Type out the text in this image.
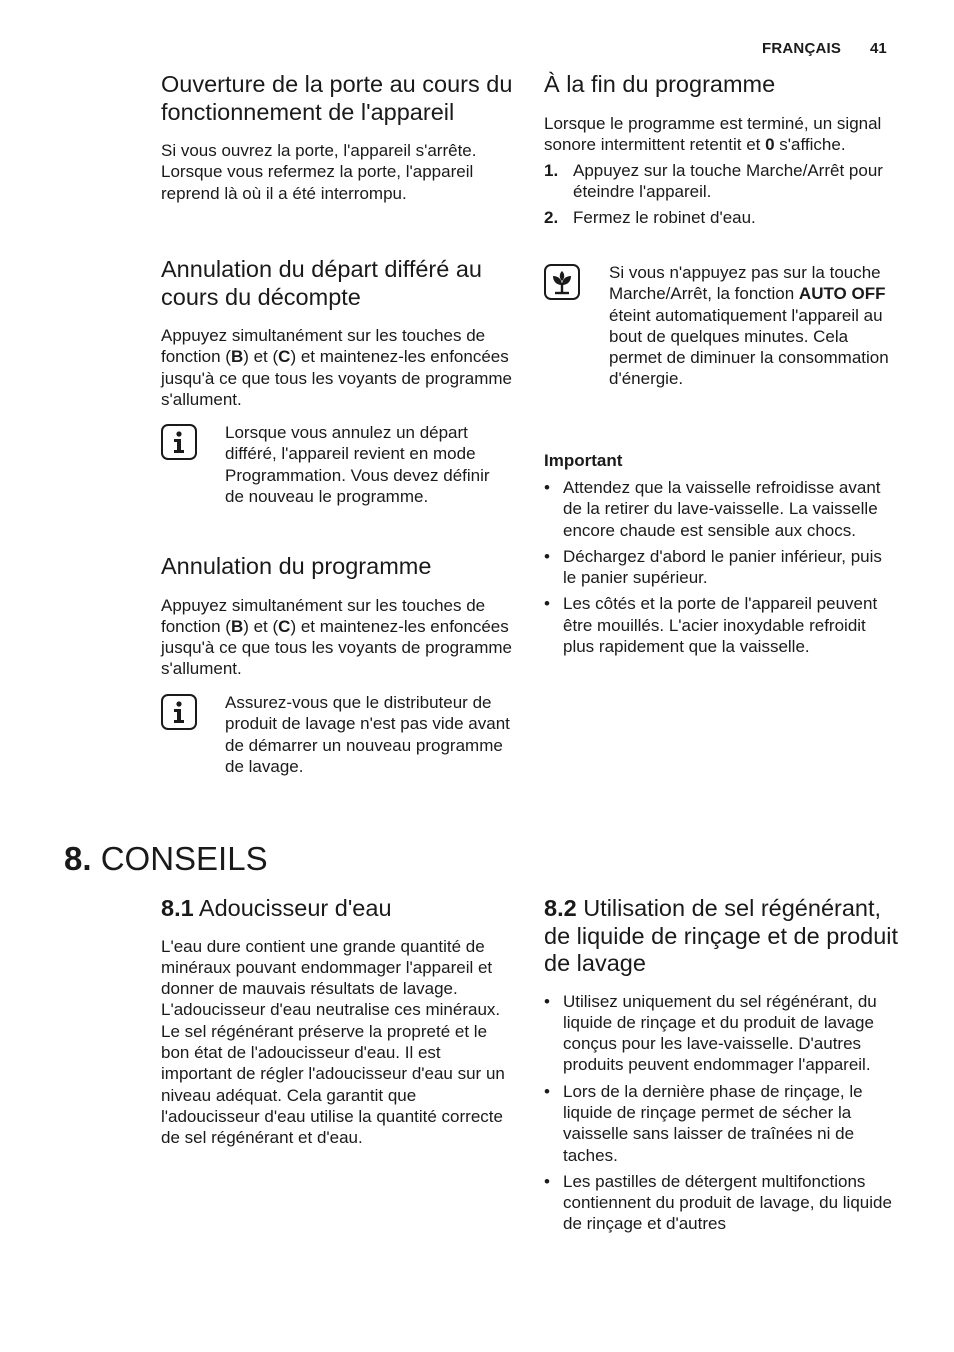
FRANÇAIS 41
Ouverture de la porte au cours du fonctionnement de l'appareil

Si vous ouvrez la porte, l'appareil s'arrête. Lorsque vous refermez la porte, l'appareil reprend là où il a été interrompu.

Annulation du départ différé au cours du décompte

Appuyez simultanément sur les touches de fonction (B) et (C) et maintenez-les enfoncées jusqu'à ce que tous les voyants de programme s'allument.

Lorsque vous annulez un départ différé, l'appareil revient en mode Programmation. Vous devez définir de nouveau le programme.
Annulation du programme

Appuyez simultanément sur les touches de fonction (B) et (C) et maintenez-les enfoncées jusqu'à ce que tous les voyants de programme s'allument.

Assurez-vous que le distributeur de produit de lavage n'est pas vide avant de démarrer un nouveau programme de lavage.
À la fin du programme

Lorsque le programme est terminé, un signal sonore intermittent retentit et 0 s'affiche.

1. Appuyez sur la touche Marche/Arrêt pour éteindre l'appareil.
2. Fermez le robinet d'eau.
Si vous n'appuyez pas sur la touche Marche/Arrêt, la fonction AUTO OFF éteint automatiquement l'appareil au bout de quelques minutes. Cela permet de diminuer la consommation d'énergie.
Important
• Attendez que la vaisselle refroidisse avant de la retirer du lave-vaisselle. La vaisselle encore chaude est sensible aux chocs.
• Déchargez d'abord le panier inférieur, puis le panier supérieur.
• Les côtés et la porte de l'appareil peuvent être mouillés. L'acier inoxydable refroidit plus rapidement que la vaisselle.
8. CONSEILS
8.1 Adoucisseur d'eau

L'eau dure contient une grande quantité de minéraux pouvant endommager l'appareil et donner de mauvais résultats de lavage. L'adoucisseur d'eau neutralise ces minéraux.

Le sel régénérant préserve la propreté et le bon état de l'adoucisseur d'eau. Il est important de régler l'adoucisseur d'eau sur un niveau adéquat. Cela garantit que l'adoucisseur d'eau utilise la quantité correcte de sel régénérant et d'eau.

8.2 Utilisation de sel régénérant, de liquide de rinçage et de produit de lavage
• Utilisez uniquement du sel régénérant, du liquide de rinçage et du produit de lavage conçus pour les lave-vaisselle. D'autres produits peuvent endommager l'appareil.
• Lors de la dernière phase de rinçage, le liquide de rinçage permet de sécher la vaisselle sans laisser de traînées ni de taches.
• Les pastilles de détergent multifonctions contiennent du produit de lavage, du liquide de rinçage et d'autres
